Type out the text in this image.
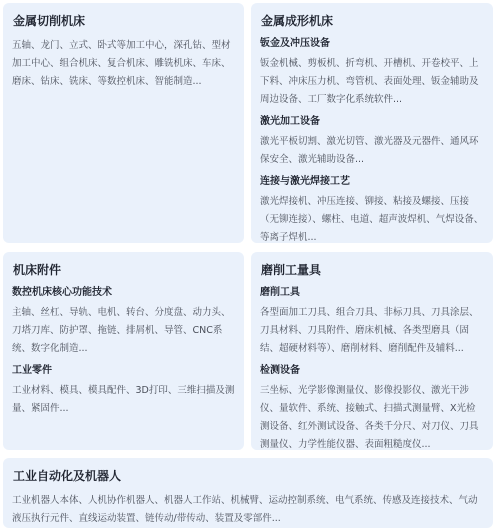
金属切削机床
五轴、龙门、立式、卧式等加工中心，深孔钻、型材加工中心、组合机床、复合机床、雕铣机床、车床、磨床、钻床、铣床、等数控机床、智能制造...
金属成形机床
钣金及冲压设备
钣金机械、剪板机、折弯机、开槽机、开卷校平、上下料、冲床压力机、弯管机、表面处理、钣金辅助及周边设备、工厂数字化系统软件...
激光加工设备
激光平板切割、激光切管、激光器及元器件、通风环保安全、激光辅助设备...
连接与激光焊接工艺
激光焊接机、冲压连接、铆接、粘接及螺接、压接（无铆连接）、螺柱、电道、超声波焊机、气焊设备、等离子焊机...
机床附件
数控机床核心功能技术
主轴、丝杠、导轨、电机、转台、分度盘、动力头、刀塔刀库、防护罩、拖链、排屑机、导管、CNC系统、数字化制造...
工业零件
工业材料、模具、模具配件、3D打印、三维扫描及测量、紧固件...
磨削工量具
磨削工具
各型面加工刀具、组合刀具、非标刀具、刀具涂层、刀具材料、刀具附件、磨床机械、各类型磨具（固结、超硬材料等）、磨削材料、磨削配件及辅料...
检测设备
三坐标、光学影像测量仪、影像投影仪、激光干涉仪、量软件、系统、接触式、扫描式测量臂、X光检测设备、红外测试设备、各类千分尺、对刀仪、刀具测量仪、力学性能仪器、表面粗糙度仪...
工业自动化及机器人
工业机器人本体、人机协作机器人、机器人工作站、机械臂、运动控制系统、电气系统、传感及连接技术、气动液压执行元件、直线运动装置、链传动/带传动、装置及零部件...
